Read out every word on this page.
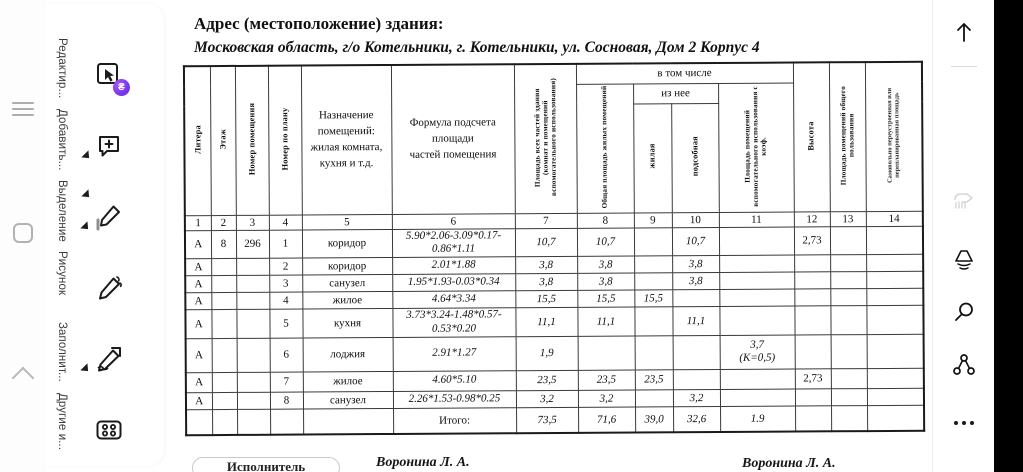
Редактир...	₴
Добавить...
Выделение
Рисунок
Заполнит...
Другие и...
Адрес (местоположение) здания:
Московская область, г/о Котельники, г. Котельники, ул. Сосновая, Дом 2 Корпус 4
Литера	Этаж	Номер помещения	Номер по плану	Назначение
помещений:
жилая комната,
кухня и т.д.	Формула подсчета
площади
частей помещения	Площадь всех частей здания (комнат и помещений вспомогательного использования)	в том числе				Высота	Площадь помещений общего пользования	Самовольно переустроенная или перепланированная площадь
							Общая площадь жилых помещений	из нее		Площадь помещений вспомогательного использования с коэф.			
								жилая	подсобная				
1	2	3	4	5	6	7	8	9	10	11	12	13	14
А	8	296	1	коридор	5.90*2.06-3.09*0.17-0.86*1.11	10,7	10,7		10,7		2,73		
А			2	коридор	2.01*1.88	3,8	3,8		3,8				
А			3	санузел	1.95*1.93-0.03*0.34	3,8	3,8		3,8				
А			4	жилое	4.64*3.34	15,5	15,5	15,5					
А			5	кухня	3.73*3.24-1.48*0.57-0.53*0.20	11,1	11,1		11,1				
А			6	лоджия	2.91*1.27	1,9				3,7
(K=0,5)			
А			7	жилое	4.60*5.10	23,5	23,5	23,5			2,73		
А			8	санузел	2.26*1.53-0.98*0.25	3,2	3,2		3,2				
					Итого:	73,5	71,6	39,0	32,6	1.9			
Исполнитель	Воронина Л. А.	Воронина Л. А.
